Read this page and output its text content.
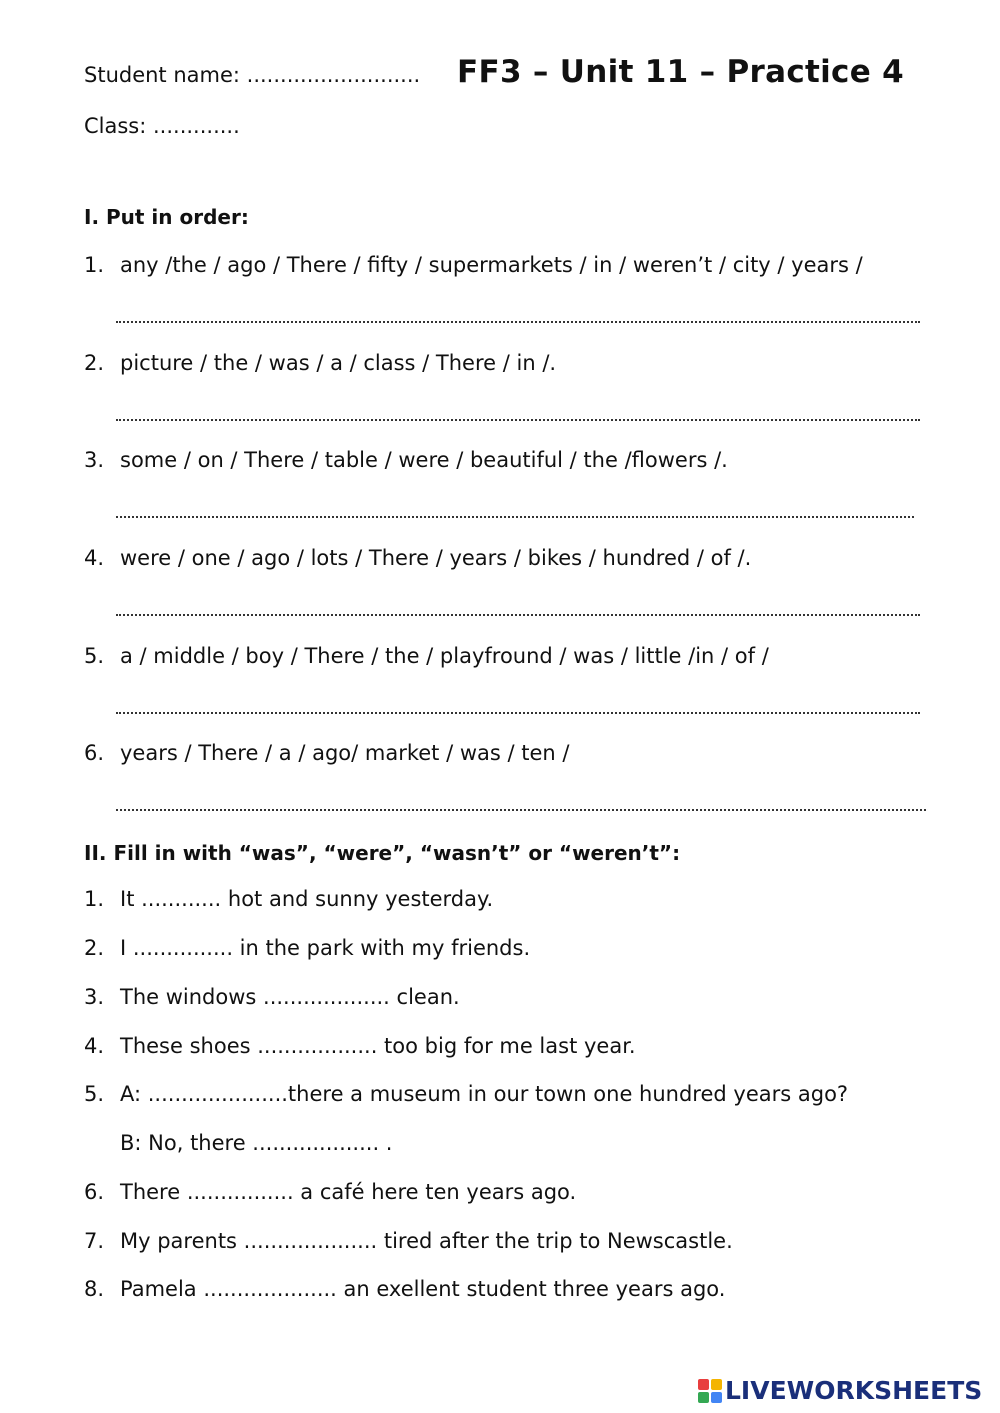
Student name: .......................... FF3 – Unit 11 – Practice 4
Class: .............
I. Put in order:
1. any /the / ago / There / fifty / supermarkets / in / weren’t / city / years /
2. picture / the / was / a / class / There / in /.
3. some / on / There / table / were / beautiful / the /flowers /.
4. were / one / ago / lots / There / years / bikes / hundred / of /.
5. a / middle / boy / There / the / playfround / was / little /in / of /
6. years / There / a / ago/ market / was / ten /
II. Fill in with “was”, “were”, “wasn’t” or “weren’t”:
1. It ............ hot and sunny yesterday.
2. I ............... in the park with my friends.
3. The windows ................... clean.
4. These shoes .................. too big for me last year.
5. A: .....................there a museum in our town one hundred years ago?
B: No, there ................... .
6. There ................ a café here ten years ago.
7. My parents .................... tired after the trip to Newscastle.
8. Pamela .................... an exellent student three years ago.
LIVEWORKSHEETS
